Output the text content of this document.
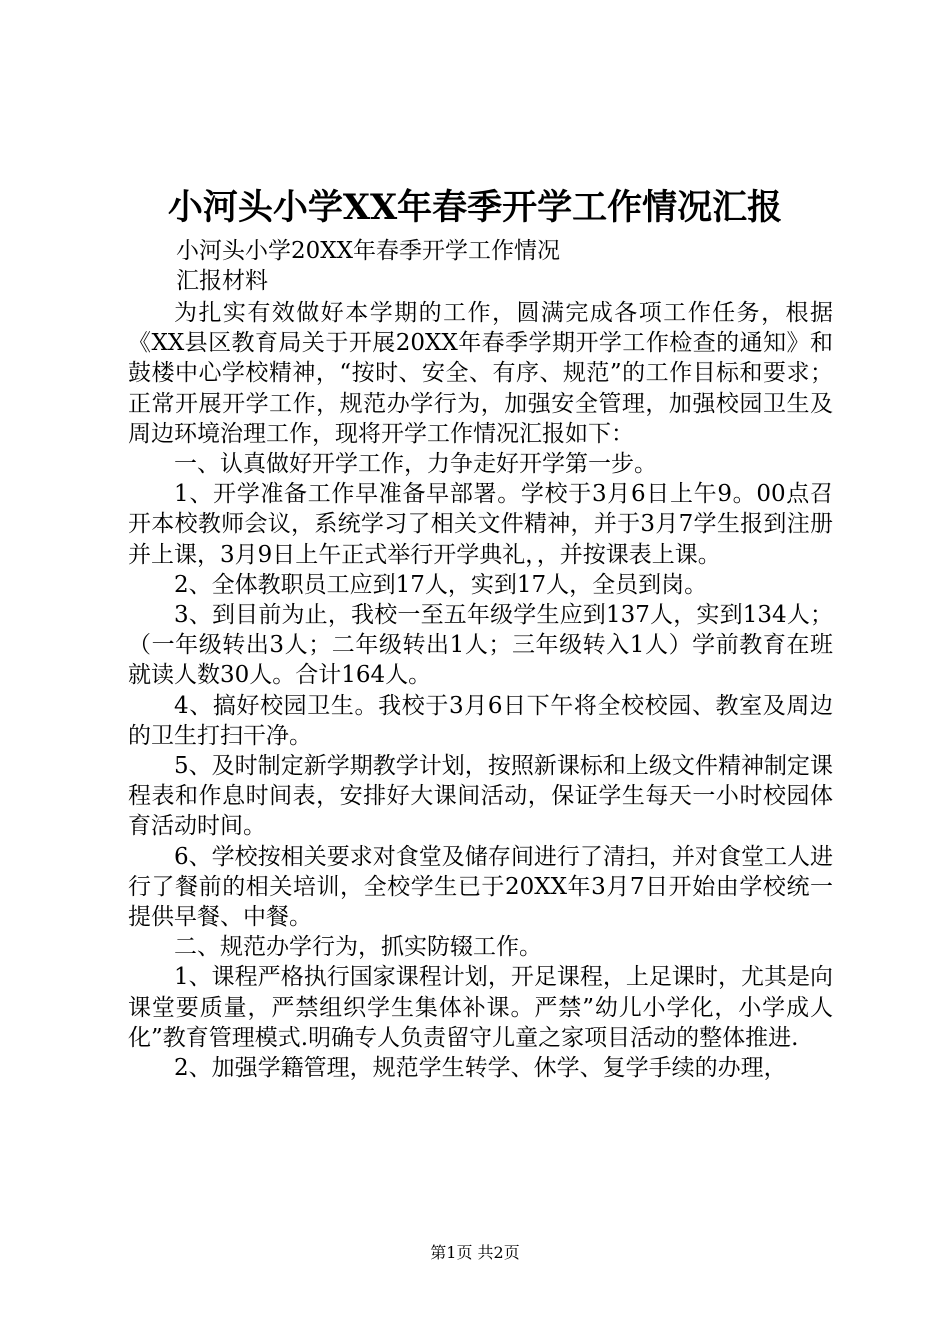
小河头小学XX年春季开学工作情况汇报
小河头小学20XX年春季开学工作情况
汇报材料

为扎实有效做好本学期的工作，圆满完成各项工作任务，根据《XX县区教育局关于开展20XX年春季学期开学工作检查的通知》和鼓楼中心学校精神，“按时、安全、有序、规范”的工作目标和要求；正常开展开学工作，规范办学行为，加强安全管理，加强校园卫生及周边环境治理工作，现将开学工作情况汇报如下：

一、认真做好开学工作，力争走好开学第一步。

1、开学准备工作早准备早部署。学校于3月6日上午9。00点召开本校教师会议，系统学习了相关文件精神，并于3月7学生报到注册并上课，3月9日上午正式举行开学典礼，，并按课表上课。

2、全体教职员工应到17人，实到17人，全员到岗。

3、到目前为止，我校一至五年级学生应到137人，实到134人；（一年级转出3人；二年级转出1人；三年级转入1人）学前教育在班就读人数30人。合计164人。

4、搞好校园卫生。我校于3月6日下午将全校校园、教室及周边的卫生打扫干净。

5、及时制定新学期教学计划，按照新课标和上级文件精神制定课程表和作息时间表，安排好大课间活动，保证学生每天一小时校园体育活动时间。

6、学校按相关要求对食堂及储存间进行了清扫，并对食堂工人进行了餐前的相关培训，全校学生已于20XX年3月7日开始由学校统一提供早餐、中餐。

二、规范办学行为，抓实防辍工作。

1、课程严格执行国家课程计划，开足课程，上足课时，尤其是向课堂要质量，严禁组织学生集体补课。严禁”幼儿小学化，小学成人化”教育管理模式.明确专人负责留守儿童之家项目活动的整体推进.

2、加强学籍管理，规范学生转学、休学、复学手续的办理，

第1页 共2页
